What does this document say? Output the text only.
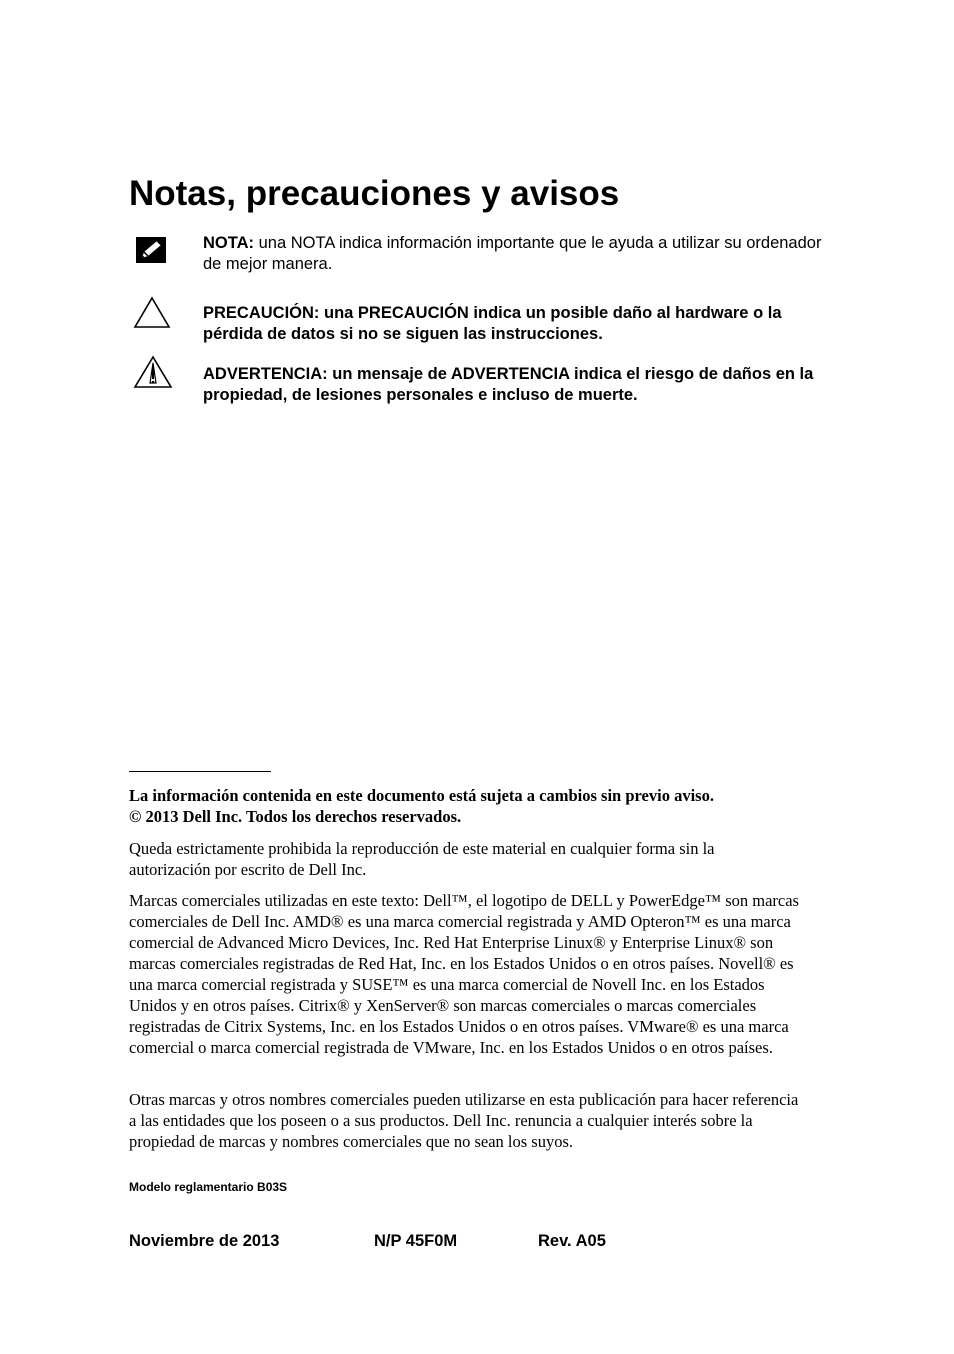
Notas, precauciones y avisos
NOTA: una NOTA indica información importante que le ayuda a utilizar su ordenador de mejor manera.
PRECAUCIÓN: una PRECAUCIÓN indica un posible daño al hardware o la pérdida de datos si no se siguen las instrucciones.
ADVERTENCIA: un mensaje de ADVERTENCIA indica el riesgo de daños en la propiedad, de lesiones personales e incluso de muerte.

La información contenida en este documento está sujeta a cambios sin previo aviso.

© 2013 Dell Inc. Todos los derechos reservados.

Queda estrictamente prohibida la reproducción de este material en cualquier forma sin la autorización por escrito de Dell Inc.

Marcas comerciales utilizadas en este texto: Dell™, el logotipo de DELL y PowerEdge™ son marcas comerciales de Dell Inc. AMD® es una marca comercial registrada y AMD Opteron™ es una marca comercial de Advanced Micro Devices, Inc. Red Hat Enterprise Linux® y Enterprise Linux® son marcas comerciales registradas de Red Hat, Inc. en los Estados Unidos o en otros países. Novell® es una marca comercial registrada y SUSE™ es una marca comercial de Novell Inc. en los Estados Unidos y en otros países. Citrix® y XenServer® son marcas comerciales o marcas comerciales registradas de Citrix Systems, Inc. en los Estados Unidos o en otros países. VMware® es una marca comercial o marca comercial registrada de VMware, Inc. en los Estados Unidos o en otros países.

Otras marcas y otros nombres comerciales pueden utilizarse en esta publicación para hacer referencia a las entidades que los poseen o a sus productos. Dell Inc. renuncia a cualquier interés sobre la propiedad de marcas y nombres comerciales que no sean los suyos.

Modelo reglamentario B03S
Noviembre de 2013	N/P 45F0M	Rev. A05
